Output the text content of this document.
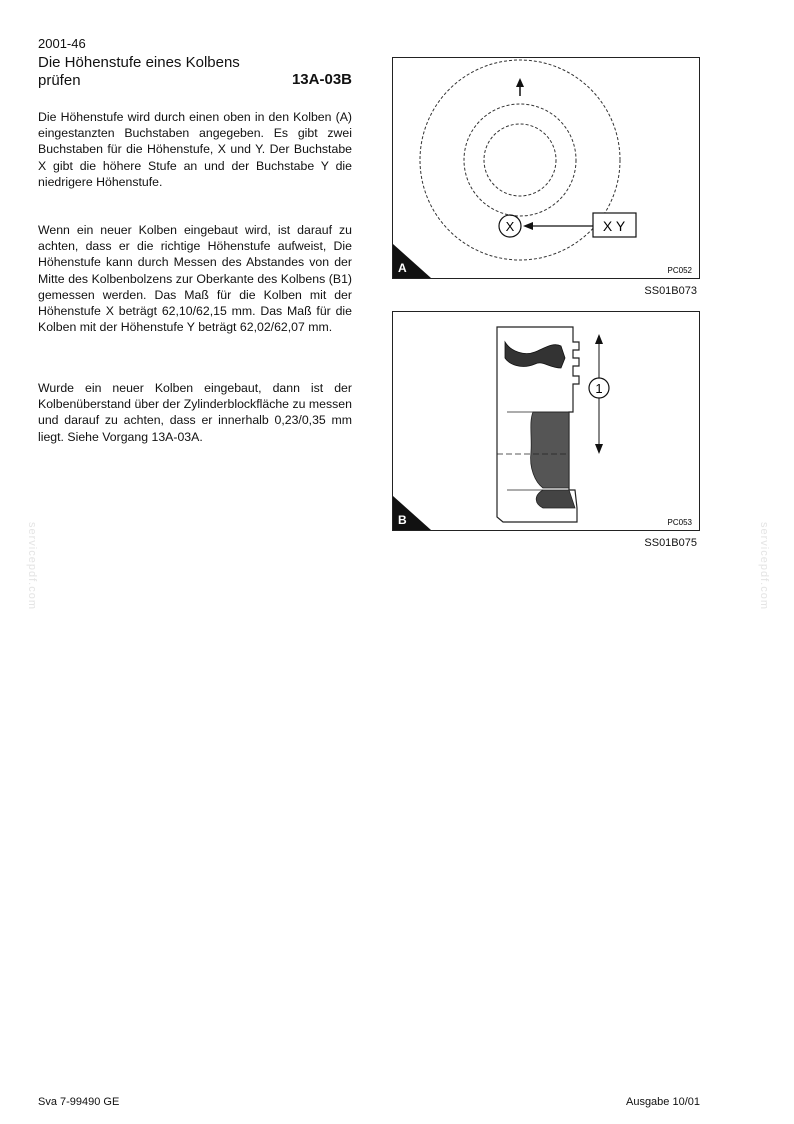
2001-46
Die Höhenstufe eines Kolbens
prüfen	13A-03B

Die Höhenstufe wird durch einen oben in den Kolben (A) eingestanzten Buchstaben angegeben. Es gibt zwei Buchstaben für die Höhenstufe, X und Y. Der Buchstabe X gibt die höhere Stufe an und der Buchstabe Y die niedrigere Höhenstufe.

Wenn ein neuer Kolben eingebaut wird, ist darauf zu achten, dass er die richtige Höhenstufe aufweist, Die Höhenstufe kann durch Messen des Abstandes von der Mitte des Kolbenbolzens zur Oberkante des Kolbens (B1) gemessen werden. Das Maß für die Kolben mit der Höhenstufe X beträgt 62,10/62,15 mm. Das Maß für die Kolben mit der Höhenstufe Y beträgt 62,02/62,07 mm.

Wurde ein neuer Kolben eingebaut, dann ist der Kolbenüberstand über der Zylinderblockfläche zu messen und darauf zu achten, dass er innerhalb 0,23/0,35 mm liegt. Siehe Vorgang 13A-03A.

X	X Y
A	PC052
SS01B073
1
B	PC053
SS01B075
servicepdf.com	servicepdf.com
Sva 7-99490 GE	Ausgabe 10/01
